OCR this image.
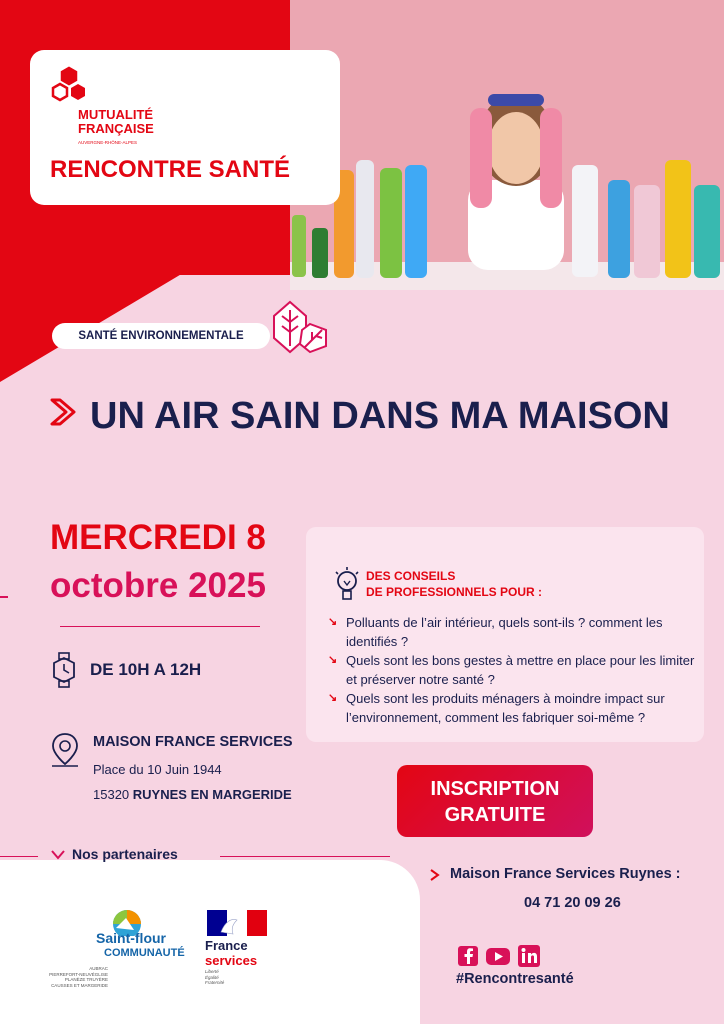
MUTUALITÉ
FRANÇAISE
AUVERGNE-RHÔNE-ALPES
RENCONTRE SANTÉ
SANTÉ ENVIRONNEMENTALE
UN AIR SAIN DANS MA MAISON
MERCREDI 8
octobre 2025	DES CONSEILS
DE PROFESSIONNELS POUR :
↘ Polluants de l’air intérieur, quels sont-ils ? comment les identifiés ?
↘ Quels sont les bons gestes à mettre en place pour les limiter et préserver notre santé ?
↘ Quels sont les produits ménagers à moindre impact sur l’environnement, comment les fabriquer soi-même ?
DE 10H A 12H
MAISON FRANCE SERVICES
Place du 10 Juin 1944
15320 RUYNES EN MARGERIDE	INSCRIPTION
GRATUITE
Nos partenaires
Saint-flour
COMMUNAUTÉ
AUBRAC
PIERREFORT-NEUVÉGLISE
PLANÈZE TRUYÈRE
CAUSSES ET MARGERIDE
France
services
Liberté
Égalité
Fraternité
Maison France Services Ruynes :
04 71 20 09 26
#Rencontresanté
